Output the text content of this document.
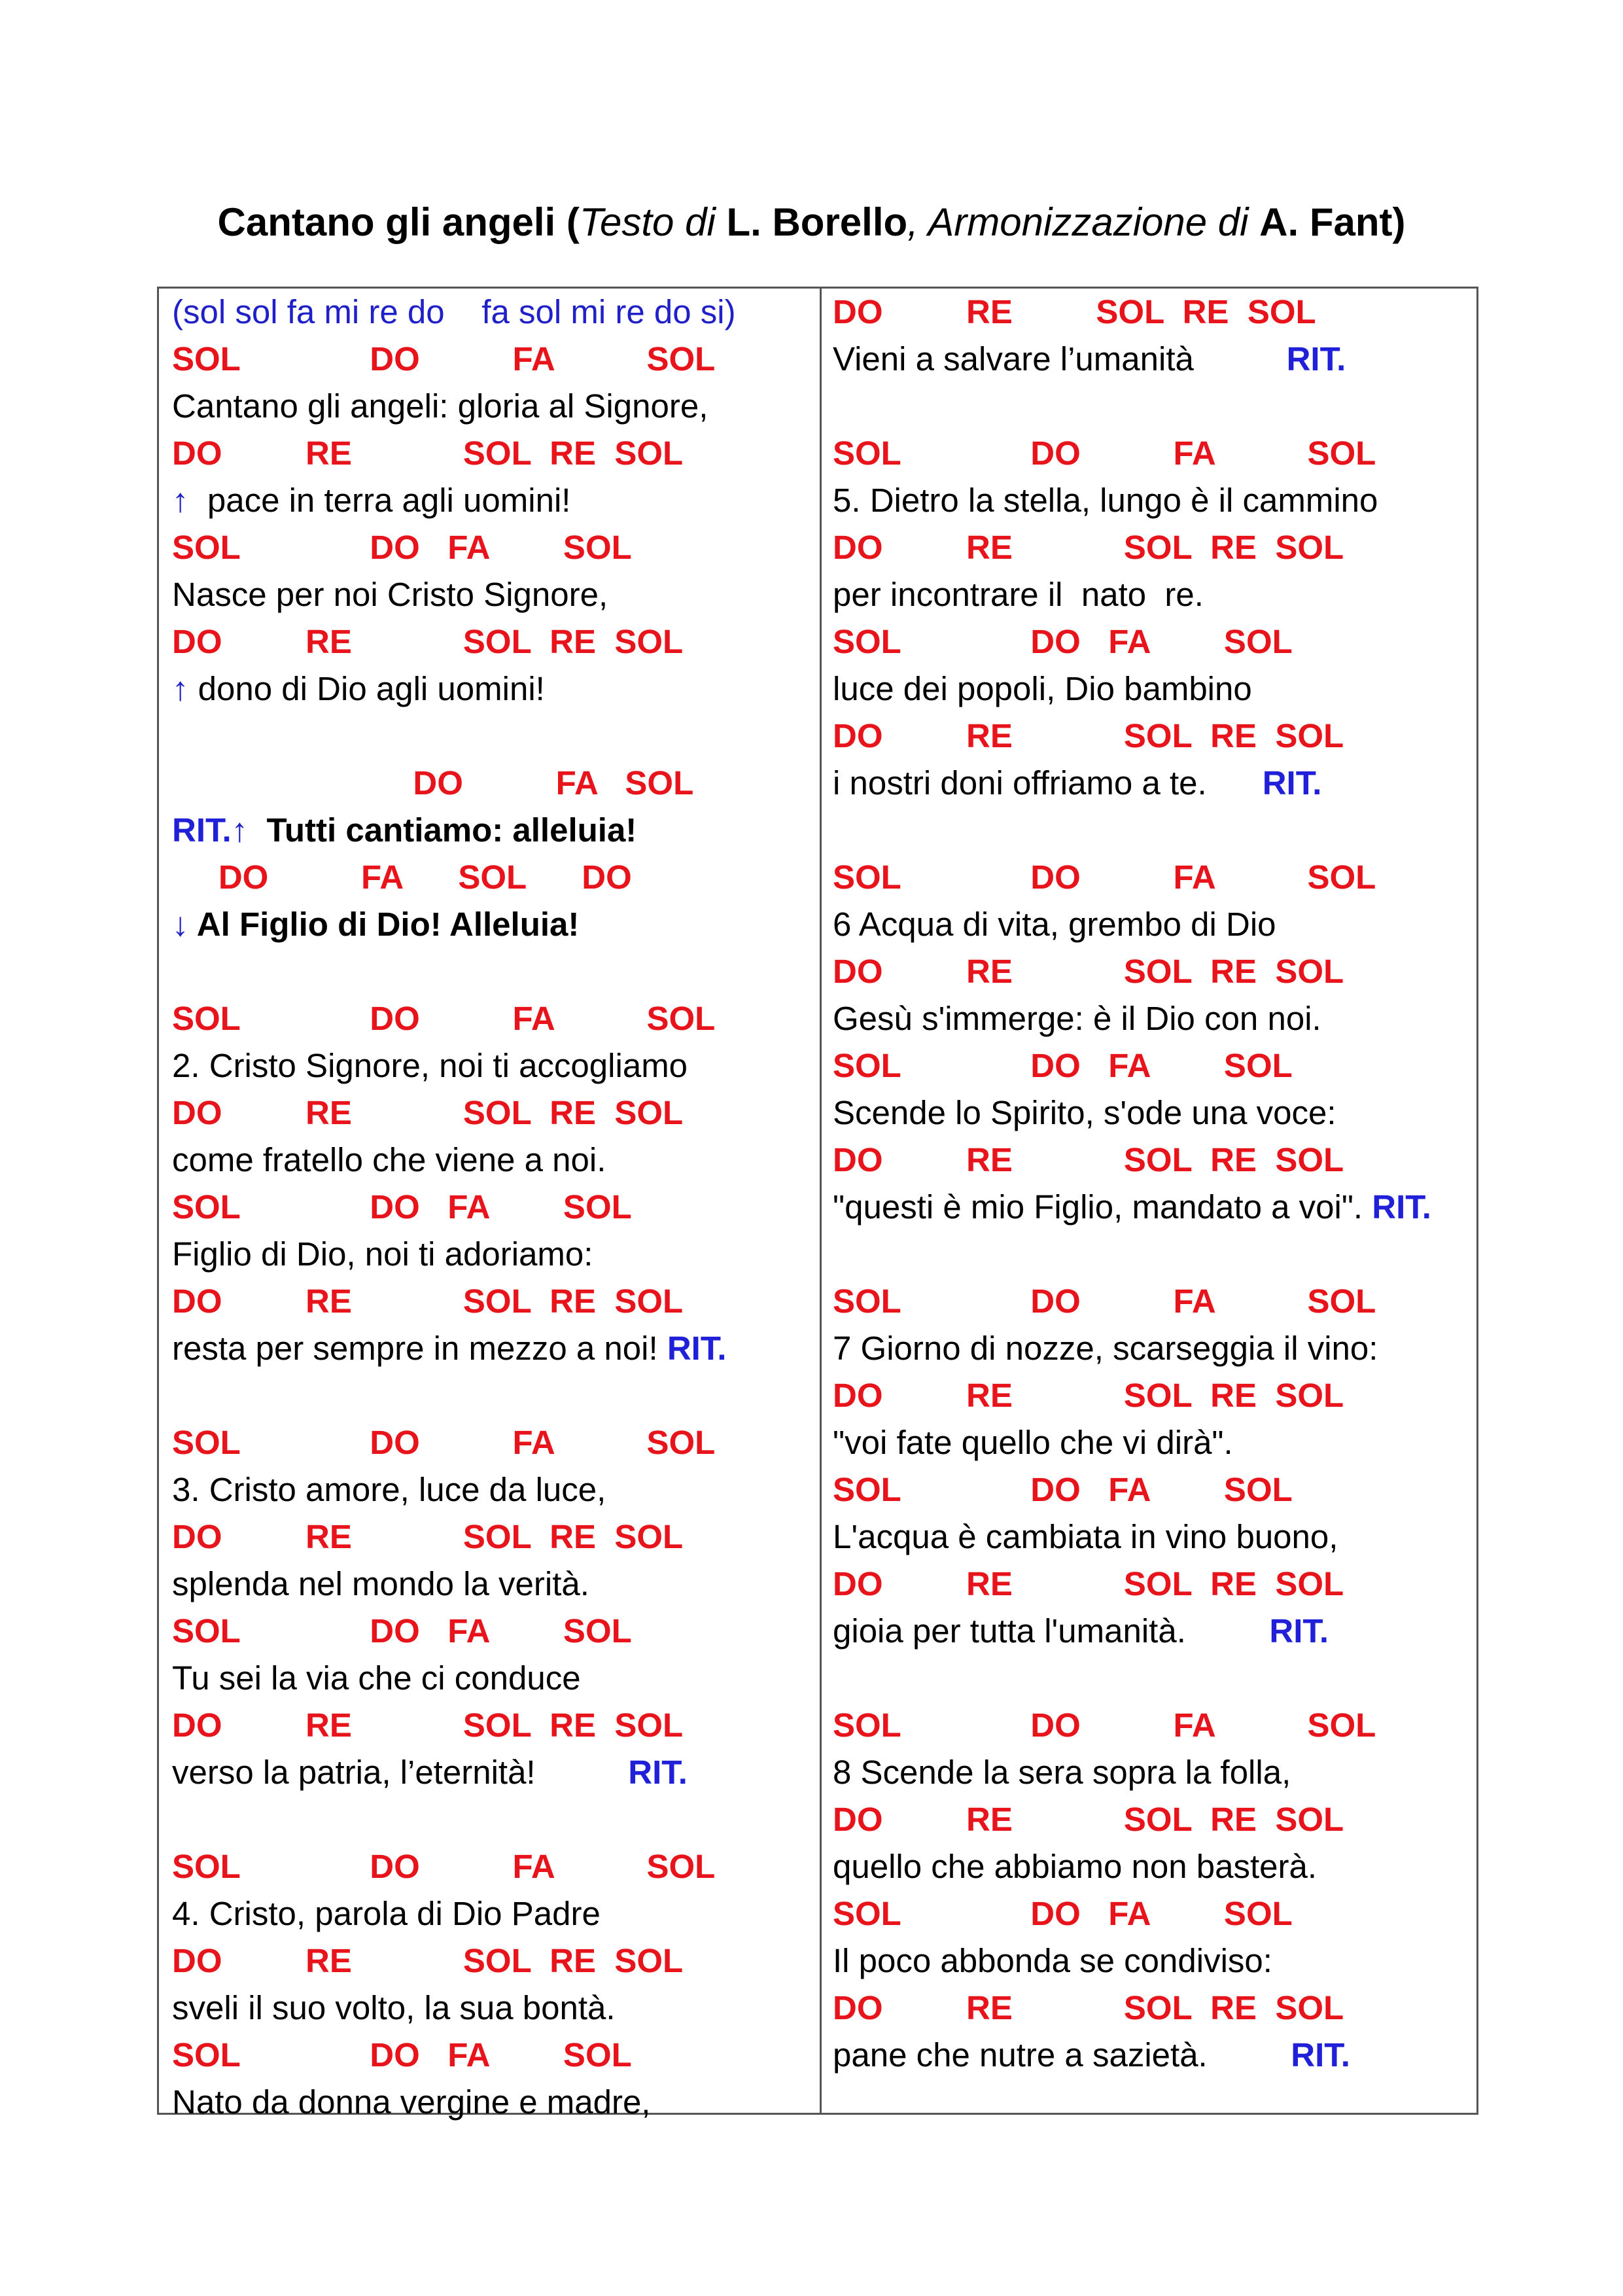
Cantano gli angeli (Testo di L. Borello, Armonizzazione di A. Fant)
(sol sol fa mi re do    fa sol mi re do si)
SOL              DO          FA          SOL
Cantano gli angeli: gloria al Signore,
DO         RE            SOL  RE  SOL
↑  pace in terra agli uomini!
SOL              DO   FA        SOL
Nasce per noi Cristo Signore,
DO         RE            SOL  RE  SOL
↑ dono di Dio agli uomini!

DO          FA   SOL
RIT.↑  Tutti cantiamo: alleluia!
DO          FA      SOL      DO
↓ Al Figlio di Dio! Alleluia!

SOL              DO          FA          SOL
2. Cristo Signore, noi ti accogliamo
DO         RE            SOL  RE  SOL
come fratello che viene a noi.
SOL              DO   FA        SOL
Figlio di Dio, noi ti adoriamo:
DO         RE            SOL  RE  SOL
resta per sempre in mezzo a noi! RIT.

SOL              DO          FA          SOL
3. Cristo amore, luce da luce,
DO         RE            SOL  RE  SOL
splenda nel mondo la verità.
SOL              DO   FA        SOL
Tu sei la via che ci conduce
DO         RE            SOL  RE  SOL
verso la patria, l’eternità!          RIT.

SOL              DO          FA          SOL
4. Cristo, parola di Dio Padre
DO         RE            SOL  RE  SOL
sveli il suo volto, la sua bontà.
SOL              DO   FA        SOL
Nato da donna vergine e madre,
DO         RE         SOL  RE  SOL
Vieni a salvare l’umanità          RIT.

SOL              DO          FA          SOL
5. Dietro la stella, lungo è il cammino
DO         RE            SOL  RE  SOL
per incontrare il  nato  re.
SOL              DO   FA        SOL
luce dei popoli, Dio bambino
DO         RE            SOL  RE  SOL
i nostri doni offriamo a te.      RIT.

SOL              DO          FA          SOL
6 Acqua di vita, grembo di Dio
DO         RE            SOL  RE  SOL
Gesù s'immerge: è il Dio con noi.
SOL              DO   FA        SOL
Scende lo Spirito, s'ode una voce:
DO         RE            SOL  RE  SOL
"questi è mio Figlio, mandato a voi". RIT.

SOL              DO          FA          SOL
7 Giorno di nozze, scarseggia il vino:
DO         RE            SOL  RE  SOL
"voi fate quello che vi dirà".
SOL              DO   FA        SOL
L'acqua è cambiata in vino buono,
DO         RE            SOL  RE  SOL
gioia per tutta l'umanità.         RIT.

SOL              DO          FA          SOL
8 Scende la sera sopra la folla,
DO         RE            SOL  RE  SOL
quello che abbiamo non basterà.
SOL              DO   FA        SOL
Il poco abbonda se condiviso:
DO         RE            SOL  RE  SOL
pane che nutre a sazietà.         RIT.
